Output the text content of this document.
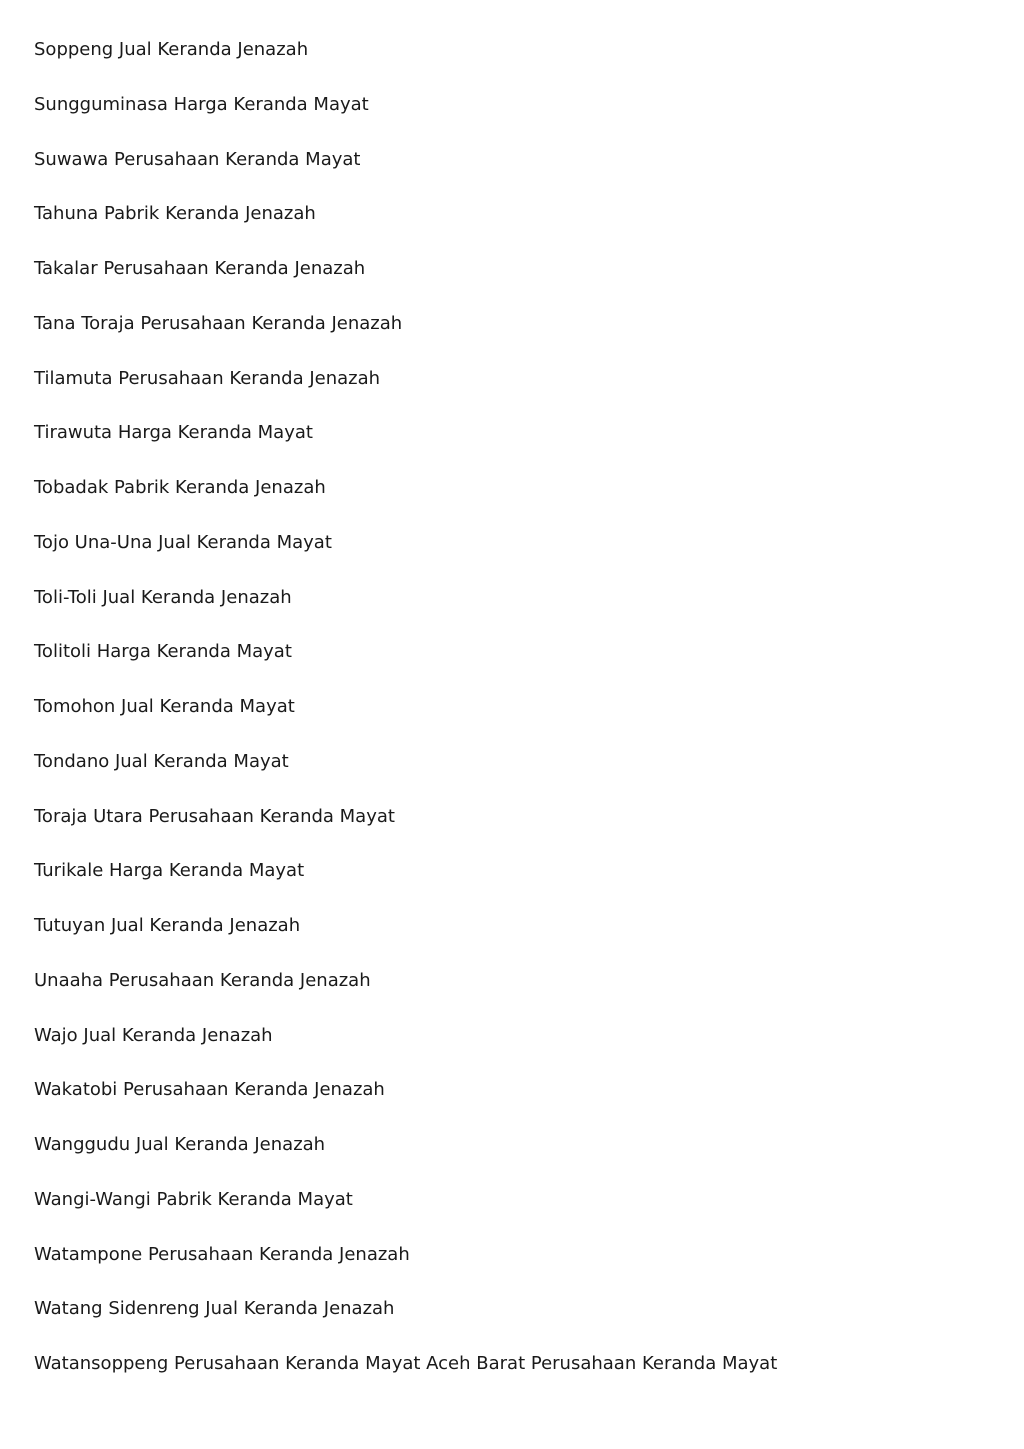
Soppeng Jual Keranda Jenazah
Sungguminasa Harga Keranda Mayat
Suwawa Perusahaan Keranda Mayat
Tahuna Pabrik Keranda Jenazah
Takalar Perusahaan Keranda Jenazah
Tana Toraja Perusahaan Keranda Jenazah
Tilamuta Perusahaan Keranda Jenazah
Tirawuta Harga Keranda Mayat
Tobadak Pabrik Keranda Jenazah
Tojo Una-Una Jual Keranda Mayat
Toli-Toli Jual Keranda Jenazah
Tolitoli Harga Keranda Mayat
Tomohon Jual Keranda Mayat
Tondano Jual Keranda Mayat
Toraja Utara Perusahaan Keranda Mayat
Turikale Harga Keranda Mayat
Tutuyan Jual Keranda Jenazah
Unaaha Perusahaan Keranda Jenazah
Wajo Jual Keranda Jenazah
Wakatobi Perusahaan Keranda Jenazah
Wanggudu Jual Keranda Jenazah
Wangi-Wangi Pabrik Keranda Mayat
Watampone Perusahaan Keranda Jenazah
Watang Sidenreng Jual Keranda Jenazah
Watansoppeng Perusahaan Keranda Mayat Aceh Barat Perusahaan Keranda Mayat
